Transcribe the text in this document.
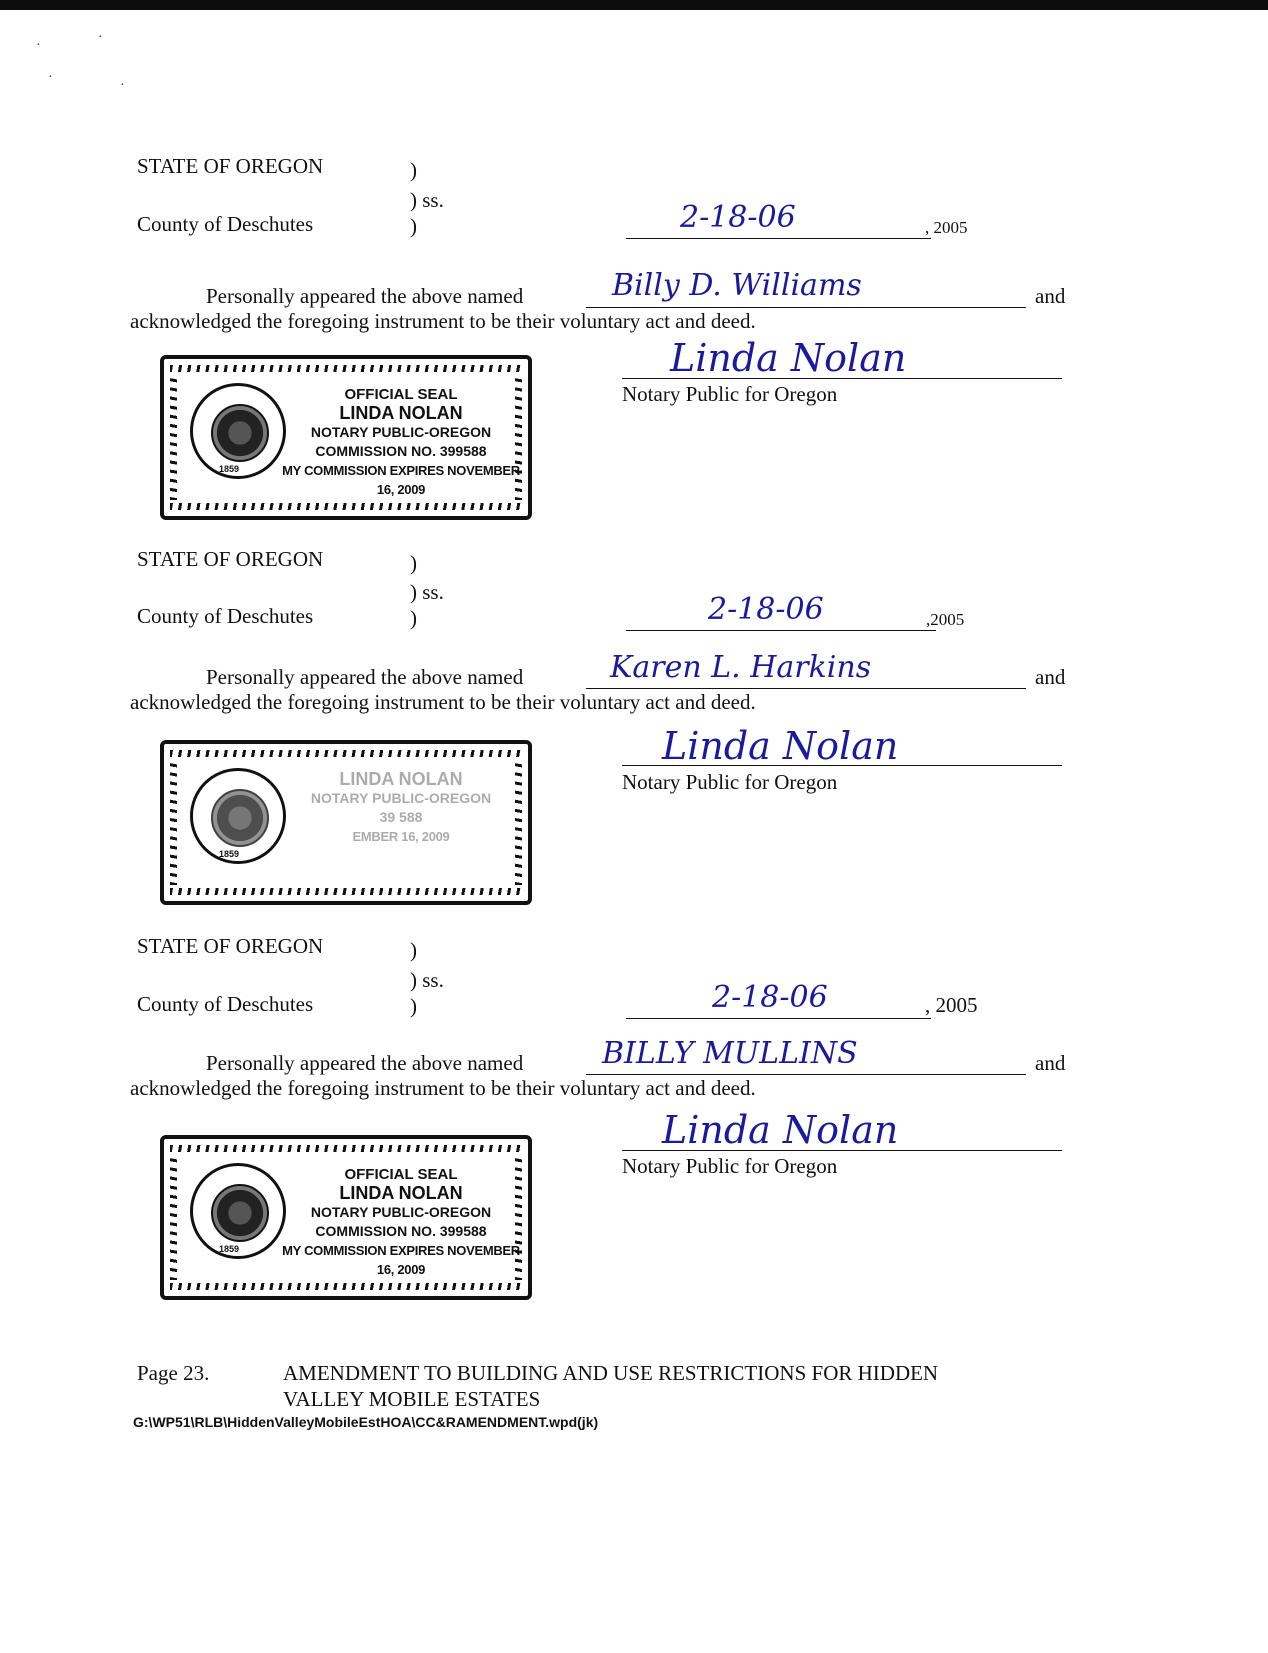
·
·
·
·
STATE OF OREGON	)
) ss.
County of Deschutes	)	2-18-06	, 2005
Personally appeared the above named	Billy D. Williams	and
acknowledged the foregoing instrument to be their voluntary act and deed.
Linda Nolan
Notary Public for Oregon
1859
OFFICIAL SEAL
LINDA NOLAN
NOTARY PUBLIC-OREGON
COMMISSION NO. 399588
MY COMMISSION EXPIRES NOVEMBER 16, 2009
STATE OF OREGON	)
) ss.
County of Deschutes	)	2-18-06	,2005
Personally appeared the above named	Karen L. Harkins	and
acknowledged the foregoing instrument to be their voluntary act and deed.
Linda Nolan
Notary Public for Oregon
1859
LINDA NOLAN
NOTARY PUBLIC-OREGON
39 588
EMBER 16, 2009
STATE OF OREGON	)
) ss.
County of Deschutes	)	2-18-06	, 2005
Personally appeared the above named	BILLY MULLINS	and
acknowledged the foregoing instrument to be their voluntary act and deed.
Linda Nolan
Notary Public for Oregon
1859
OFFICIAL SEAL
LINDA NOLAN
NOTARY PUBLIC-OREGON
COMMISSION NO. 399588
MY COMMISSION EXPIRES NOVEMBER 16, 2009
Page 23.	AMENDMENT TO BUILDING AND USE RESTRICTIONS FOR HIDDEN
VALLEY MOBILE ESTATES
G:\WP51\RLB\HiddenValleyMobileEstHOA\CC&RAMENDMENT.wpd(jk)
